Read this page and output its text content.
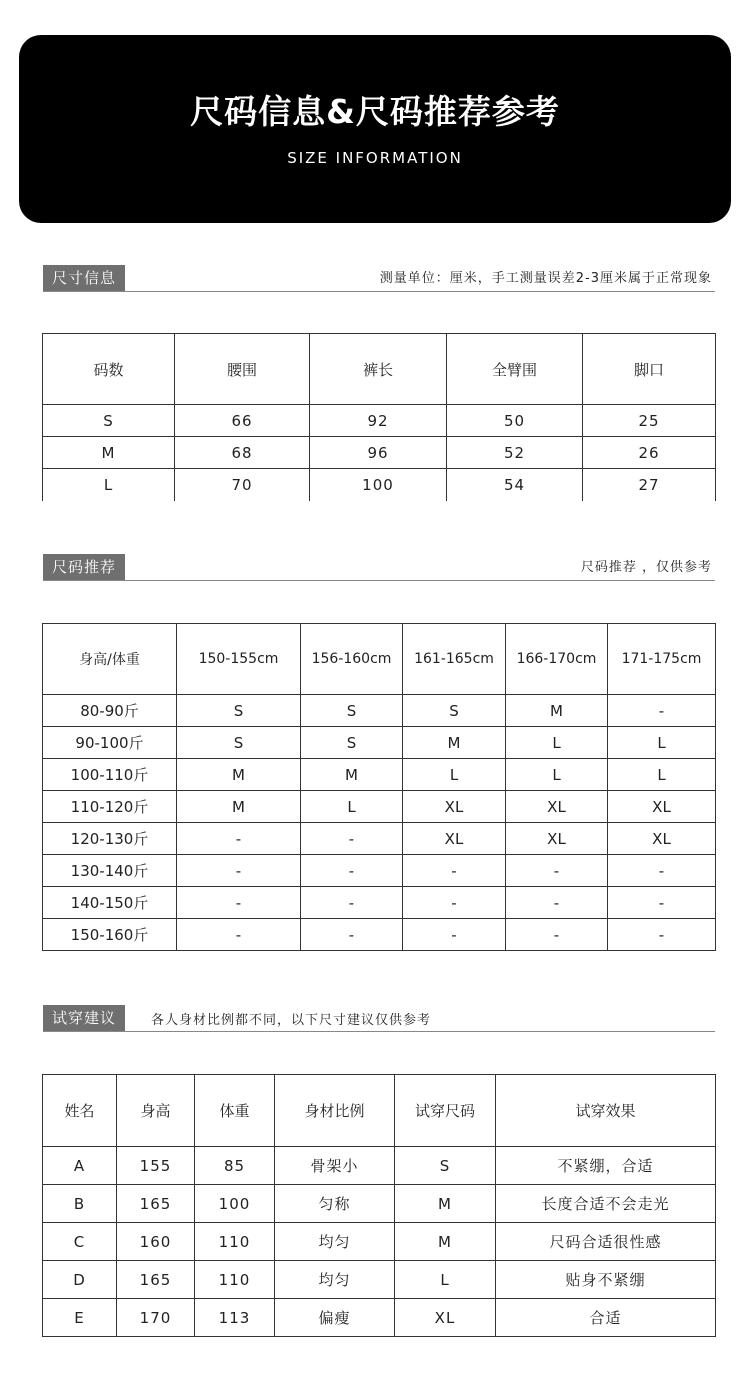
尺码信息&尺码推荐参考
SIZE INFORMATION
尺寸信息	测量单位：厘米，手工测量误差2-3厘米属于正常现象
码数	腰围	裤长	全臂围	脚口
S	66	92	50	25
M	68	96	52	26
L	70	100	54	27
尺码推荐	尺码推荐 ，仅供参考
身高/体重	150-155cm	156-160cm	161-165cm	166-170cm	171-175cm
80-90斤	S	S	S	M	-
90-100斤	S	S	M	L	L
100-110斤	M	M	L	L	L
110-120斤	M	L	XL	XL	XL
120-130斤	-	-	XL	XL	XL
130-140斤	-	-	-	-	-
140-150斤	-	-	-	-	-
150-160斤	-	-	-	-	-
试穿建议	各人身材比例都不同，以下尺寸建议仅供参考
姓名	身高	体重	身材比例	试穿尺码	试穿效果
A	155	85	骨架小	S	不紧绷，合适
B	165	100	匀称	M	长度合适不会走光
C	160	110	均匀	M	尺码合适很性感
D	165	110	均匀	L	贴身不紧绷
E	170	113	偏瘦	XL	合适
